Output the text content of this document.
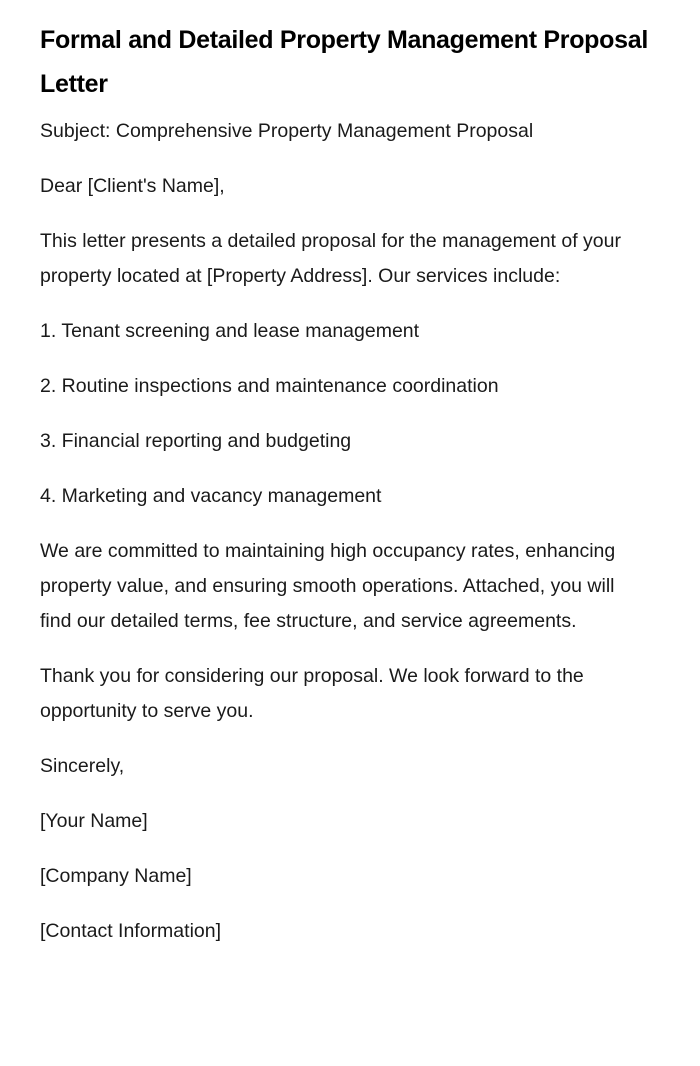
Formal and Detailed Property Management Proposal Letter

Subject: Comprehensive Property Management Proposal

Dear [Client's Name],

This letter presents a detailed proposal for the management of your property located at [Property Address]. Our services include:

1. Tenant screening and lease management
2. Routine inspections and maintenance coordination
3. Financial reporting and budgeting
4. Marketing and vacancy management

We are committed to maintaining high occupancy rates, enhancing property value, and ensuring smooth operations. Attached, you will find our detailed terms, fee structure, and service agreements.

Thank you for considering our proposal. We look forward to the opportunity to serve you.

Sincerely,

[Your Name]

[Company Name]

[Contact Information]
